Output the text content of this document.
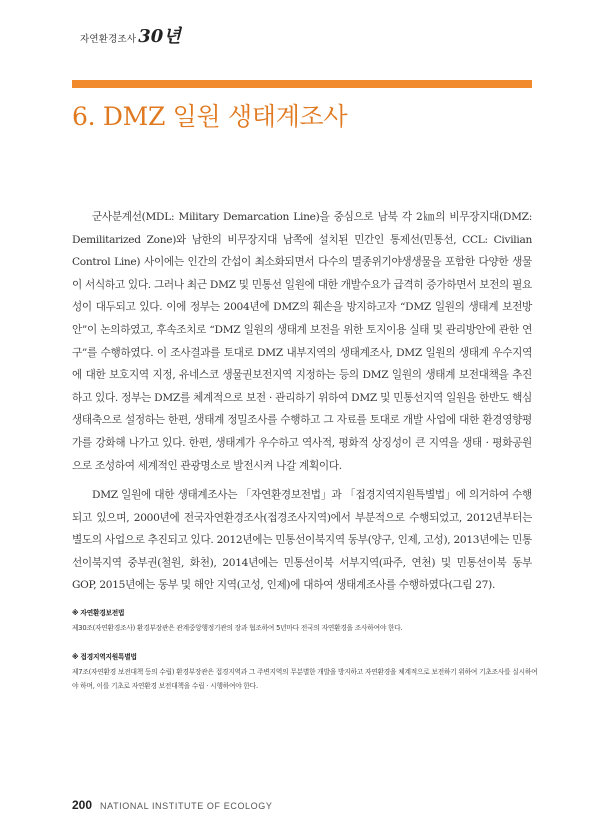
자연환경조사 30년
6. DMZ 일원 생태계조사

군사분계선(MDL: Military Demarcation Line)을 중심으로 남북 각 2㎞의 비무장지대(DMZ: Demilitarized Zone)와 남한의 비무장지대 남쪽에 설치된 민간인 통제선(민통선, CCL: Civilian Control Line) 사이에는 인간의 간섭이 최소화되면서 다수의 멸종위기야생생물을 포함한 다양한 생물이 서식하고 있다. 그러나 최근 DMZ 및 민통선 일원에 대한 개발수요가 급격히 증가하면서 보전의 필요성이 대두되고 있다. 이에 정부는 2004년에 DMZ의 훼손을 방지하고자 “DMZ 일원의 생태계 보전방안”이 논의하였고, 후속조치로 “DMZ 일원의 생태계 보전을 위한 토지이용 실태 및 관리방안에 관한 연구”를 수행하였다. 이 조사결과를 토대로 DMZ 내부지역의 생태계조사, DMZ 일원의 생태계 우수지역에 대한 보호지역 지정, 유네스코 생물권보전지역 지정하는 등의 DMZ 일원의 생태계 보전대책을 추진하고 있다. 정부는 DMZ를 체계적으로 보전 · 관리하기 위하여 DMZ 및 민통선지역 일원을 한반도 핵심 생태축으로 설정하는 한편, 생태계 정밀조사를 수행하고 그 자료를 토대로 개발 사업에 대한 환경영향평가를 강화해 나가고 있다. 한편, 생태계가 우수하고 역사적, 평화적 상징성이 큰 지역을 생태 · 평화공원으로 조성하여 세계적인 관광명소로 발전시켜 나갈 계획이다.

DMZ 일원에 대한 생태계조사는 「자연환경보전법」과 「접경지역지원특별법」에 의거하여 수행되고 있으며, 2000년에 전국자연환경조사(접경조사지역)에서 부분적으로 수행되었고, 2012년부터는 별도의 사업으로 추진되고 있다. 2012년에는 민통선이북지역 동부(양구, 인제, 고성), 2013년에는 민통선이북지역 중부권(철원, 화천), 2014년에는 민통선이북 서부지역(파주, 연천) 및 민통선이북 동부 GOP, 2015년에는 동부 및 해안 지역(고성, 인제)에 대하여 생태계조사를 수행하였다(그림 27).

※ 자연환경보전법
제30조(자연환경조사) 환경부장관은 관계중앙행정기관의 장과 협조하여 5년마다 전국의 자연환경을 조사하여야 한다.
※ 접경지역지원특별법
제7조(자연환경 보전대책 등의 수립) 환경부장관은 접경지역과 그 주변지역의 무분별한 개발을 방지하고 자연환경을 체계적으로 보전하기 위하여 기초조사를 실시하여야 하며, 이를 기초로 자연환경 보전대책을 수립 · 시행하여야 한다.
200 NATIONAL INSTITUTE OF ECOLOGY
